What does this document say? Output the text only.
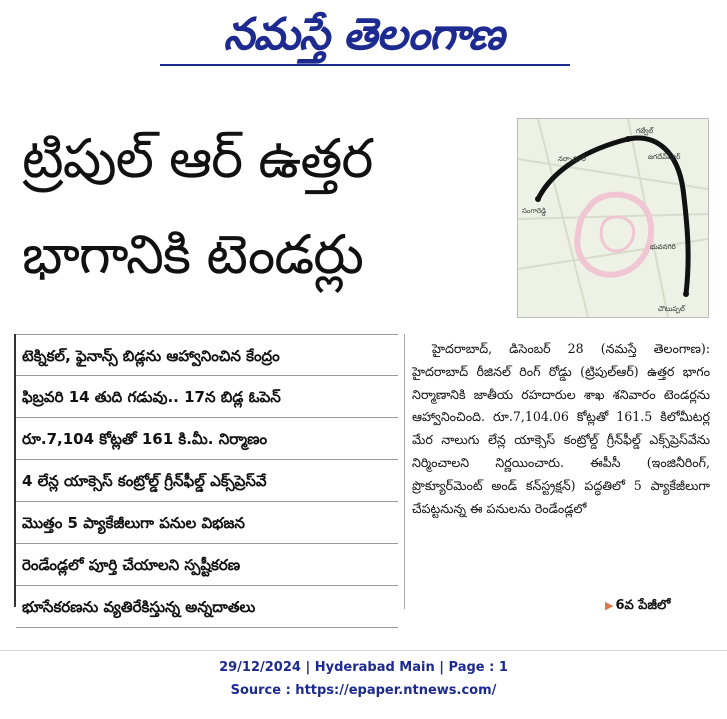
నమస్తే తెలంగాణ
ట్రిపుల్ ఆర్ ఉత్తర
భాగానికి టెండర్లు
గజ్వేల్
చౌటుప్పల్
సంగారెడ్డి
నర్సాపూర్	జగదేవ్‌పూర్
భువనగిరి
టెక్నికల్, ఫైనాన్స్ బిడ్లను ఆహ్వానించిన కేంద్రం
ఫిబ్రవరి 14 తుది గడువు.. 17న బిడ్ల ఓపెన్
రూ.7,104 కోట్లతో 161 కి.మీ. నిర్మాణం
4 లేన్ల యాక్సెస్ కంట్రోల్డ్ గ్రీన్‌ఫీల్డ్ ఎక్స్‌ప్రెస్‌వే
మొత్తం 5 ప్యాకేజీలుగా పనుల విభజన
రెండేండ్లలో పూర్తి చేయాలని స్పష్టీకరణ
భూసేకరణను వ్యతిరేకిస్తున్న అన్నదాతలు

హైదరాబాద్, డిసెంబర్ 28 (నమస్తే తెలంగాణ): హైదరాబాద్ రీజినల్ రింగ్ రోడ్డు (ట్రిపుల్‌ఆర్) ఉత్తర భాగం నిర్మాణానికి జాతీయ రహదారుల శాఖ శనివారం టెండర్లను ఆహ్వానించింది. రూ.7,104.06 కోట్లతో 161.5 కిలోమీటర్ల మేర నాలుగు లేన్ల యాక్సెస్ కంట్రోల్డ్ గ్రీన్‌ఫీల్డ్ ఎక్స్‌ప్రెస్‌వేను నిర్మించాలని నిర్ణయించారు. ఈపీసీ (ఇంజినీరింగ్, ప్రొక్యూర్‌మెంట్ అండ్ కన్‌స్ట్రక్షన్) పద్ధతిలో 5 ప్యాకేజీలుగా చేపట్టనున్న ఈ పనులను రెండేండ్లలో

▶ 6వ పేజీలో
29/12/2024 | Hyderabad Main | Page : 1
Source : https://epaper.ntnews.com/
